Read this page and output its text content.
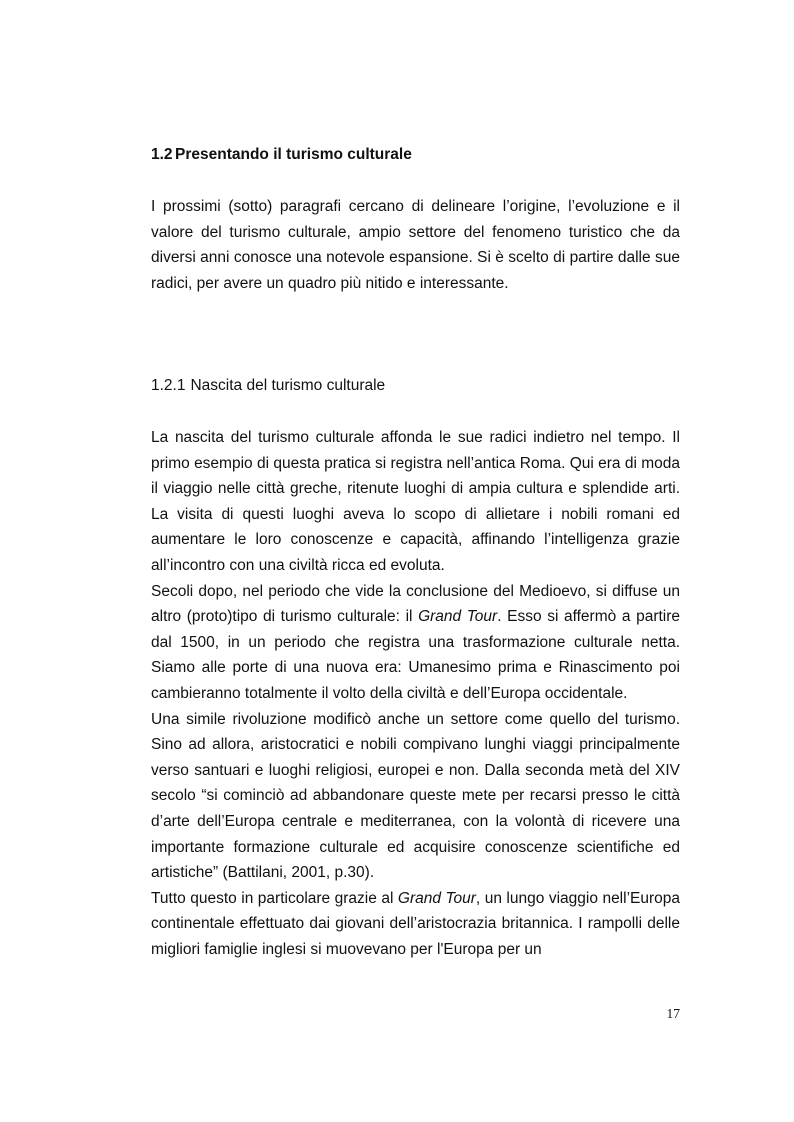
1.2 Presentando il turismo culturale

I prossimi (sotto) paragrafi cercano di delineare l’origine, l’evoluzione e il valore del turismo culturale, ampio settore del fenomeno turistico che da diversi anni conosce una notevole espansione. Si è scelto di partire dalle sue radici, per avere un quadro più nitido e interessante.

1.2.1 Nascita del turismo culturale

La nascita del turismo culturale affonda le sue radici indietro nel tempo. Il primo esempio di questa pratica si registra nell’antica Roma. Qui era di moda il viaggio nelle città greche, ritenute luoghi di ampia cultura e splendide arti. La visita di questi luoghi aveva lo scopo di allietare i nobili romani ed aumentare le loro conoscenze e capacità, affinando l’intelligenza grazie all’incontro con una civiltà ricca ed evoluta.

Secoli dopo, nel periodo che vide la conclusione del Medioevo, si diffuse un altro (proto)tipo di turismo culturale: il Grand Tour. Esso si affermò a partire dal 1500, in un periodo che registra una trasformazione culturale netta. Siamo alle porte di una nuova era: Umanesimo prima e Rinascimento poi cambieranno totalmente il volto della civiltà e dell’Europa occidentale.

Una simile rivoluzione modificò anche un settore come quello del turismo. Sino ad allora, aristocratici e nobili compivano lunghi viaggi principalmente verso santuari e luoghi religiosi, europei e non. Dalla seconda metà del XIV secolo “si cominciò ad abbandonare queste mete per recarsi presso le città d’arte dell’Europa centrale e mediterranea, con la volontà di ricevere una importante formazione culturale ed acquisire conoscenze scientifiche ed artistiche” (Battilani, 2001, p.30).

Tutto questo in particolare grazie al Grand Tour, un lungo viaggio nell’Europa continentale effettuato dai giovani dell’aristocrazia britannica. I rampolli delle migliori famiglie inglesi si muovevano per l'Europa per un

17
